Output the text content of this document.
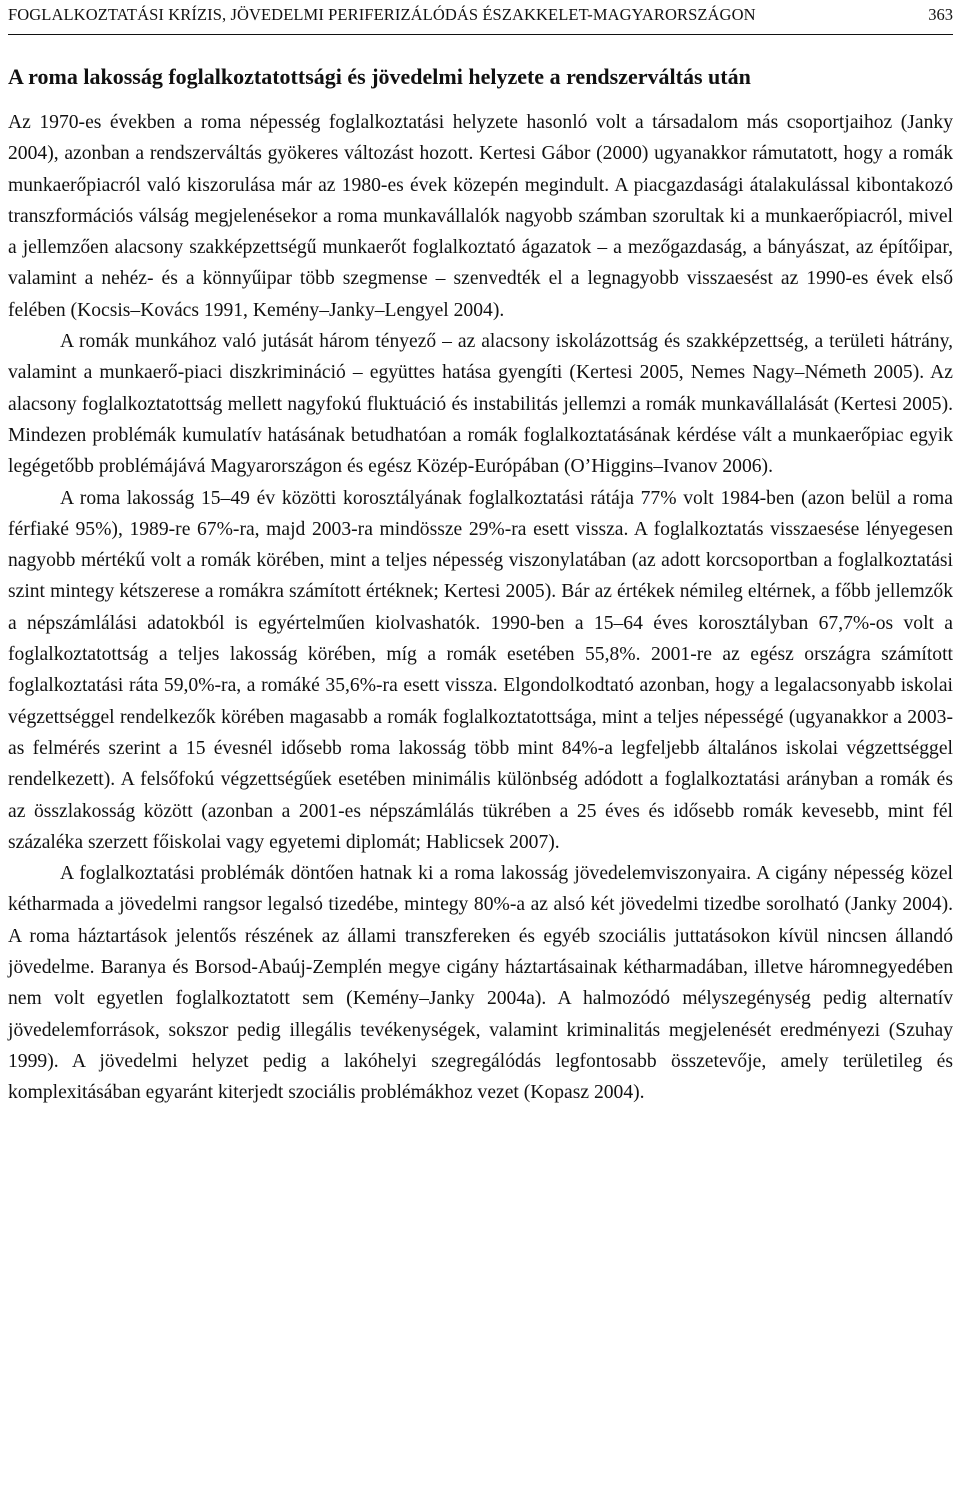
FOGLALKOZTATÁSI KRÍZIS, JÖVEDELMI PERIFERIZÁLÓDÁS ÉSZAKKELET-MAGYARORSZÁGON	363
A roma lakosság foglalkoztatottsági és jövedelmi helyzete a rendszerváltás után

Az 1970-es években a roma népesség foglalkoztatási helyzete hasonló volt a társadalom más csoportjaihoz (Janky 2004), azonban a rendszerváltás gyökeres változást hozott. Kertesi Gábor (2000) ugyanakkor rámutatott, hogy a romák munkaerőpiacról való kiszorulása már az 1980-es évek közepén megindult. A piacgazdasági átalakulással kibontakozó transzformációs válság megjelenésekor a roma munkavállalók nagyobb számban szorultak ki a munkaerőpiacról, mivel a jellemzően alacsony szakképzettségű munkaerőt foglalkoztató ágazatok – a mezőgazdaság, a bányászat, az építőipar, valamint a nehéz- és a könnyűipar több szegmense – szenvedték el a legnagyobb visszaesést az 1990-es évek első felében (Kocsis–Kovács 1991, Kemény–Janky–Lengyel 2004).

A romák munkához való jutását három tényező – az alacsony iskolázottság és szakképzettség, a területi hátrány, valamint a munkaerő-piaci diszkrimináció – együttes hatása gyengíti (Kertesi 2005, Nemes Nagy–Németh 2005). Az alacsony foglalkoztatottság mellett nagyfokú fluktuáció és instabilitás jellemzi a romák munkavállalását (Kertesi 2005). Mindezen problémák kumulatív hatásának betudhatóan a romák foglalkoztatásának kérdése vált a munkaerőpiac egyik legégetőbb problémájává Magyarországon és egész Közép-Európában (O’Higgins–Ivanov 2006).

A roma lakosság 15–49 év közötti korosztályának foglalkoztatási rátája 77% volt 1984-ben (azon belül a roma férfiaké 95%), 1989-re 67%-ra, majd 2003-ra mindössze 29%-ra esett vissza. A foglalkoztatás visszaesése lényegesen nagyobb mértékű volt a romák körében, mint a teljes népesség viszonylatában (az adott korcsoportban a foglalkoztatási szint mintegy kétszerese a romákra számított értéknek; Kertesi 2005). Bár az értékek némileg eltérnek, a főbb jellemzők a népszámlálási adatokból is egyértelműen kiolvashatók. 1990-ben a 15–64 éves korosztályban 67,7%-os volt a foglalkoztatottság a teljes lakosság körében, míg a romák esetében 55,8%. 2001-re az egész országra számított foglalkoztatási ráta 59,0%-ra, a romáké 35,6%-ra esett vissza. Elgondolkodtató azonban, hogy a legalacsonyabb iskolai végzettséggel rendelkezők körében magasabb a romák foglalkoztatottsága, mint a teljes népességé (ugyanakkor a 2003-as felmérés szerint a 15 évesnél idősebb roma lakosság több mint 84%-a legfeljebb általános iskolai végzettséggel rendelkezett). A felsőfokú végzettségűek esetében minimális különbség adódott a foglalkoztatási arányban a romák és az összlakosság között (azonban a 2001-es népszámlálás tükrében a 25 éves és idősebb romák kevesebb, mint fél százaléka szerzett főiskolai vagy egyetemi diplomát; Hablicsek 2007).

A foglalkoztatási problémák döntően hatnak ki a roma lakosság jövedelemviszonyaira. A cigány népesség közel kétharmada a jövedelmi rangsor legalsó tizedébe, mintegy 80%-a az alsó két jövedelmi tizedbe sorolható (Janky 2004). A roma háztartások jelentős részének az állami transzfereken és egyéb szociális juttatásokon kívül nincsen állandó jövedelme. Baranya és Borsod-Abaúj-Zemplén megye cigány háztartásainak kétharmadában, illetve háromnegyedében nem volt egyetlen foglalkoztatott sem (Kemény–Janky 2004a). A halmozódó mélyszegénység pedig alternatív jövedelemforrások, sokszor pedig illegális tevékenységek, valamint kriminalitás megjelenését eredményezi (Szuhay 1999). A jövedelmi helyzet pedig a lakóhelyi szegregálódás legfontosabb összetevője, amely területileg és komplexitásában egyaránt kiterjedt szociális problémákhoz vezet (Kopasz 2004).
